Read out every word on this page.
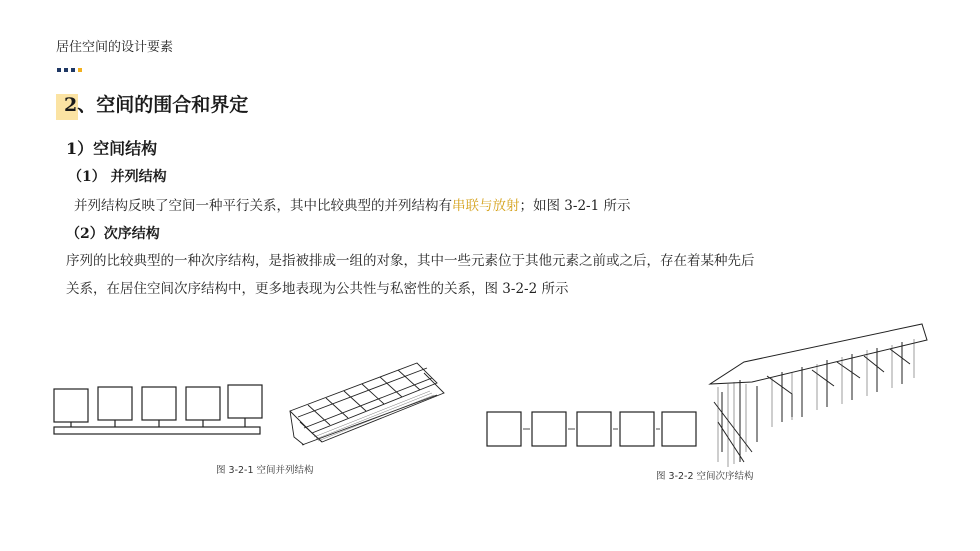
居住空间的设计要素
2、空间的围合和界定
1）空间结构
（1） 并列结构
并列结构反映了空间一种平行关系，其中比较典型的并列结构有串联与放射；如图 3-2-1 所示
（2）次序结构
序列的比较典型的一种次序结构，是指被排成一组的对象，其中一些元素位于其他元素之前或之后，存在着某种先后
关系，在居住空间次序结构中，更多地表现为公共性与私密性的关系，图 3-2-2 所示
图 3-2-1 空间并列结构
图 3-2-2 空间次序结构
